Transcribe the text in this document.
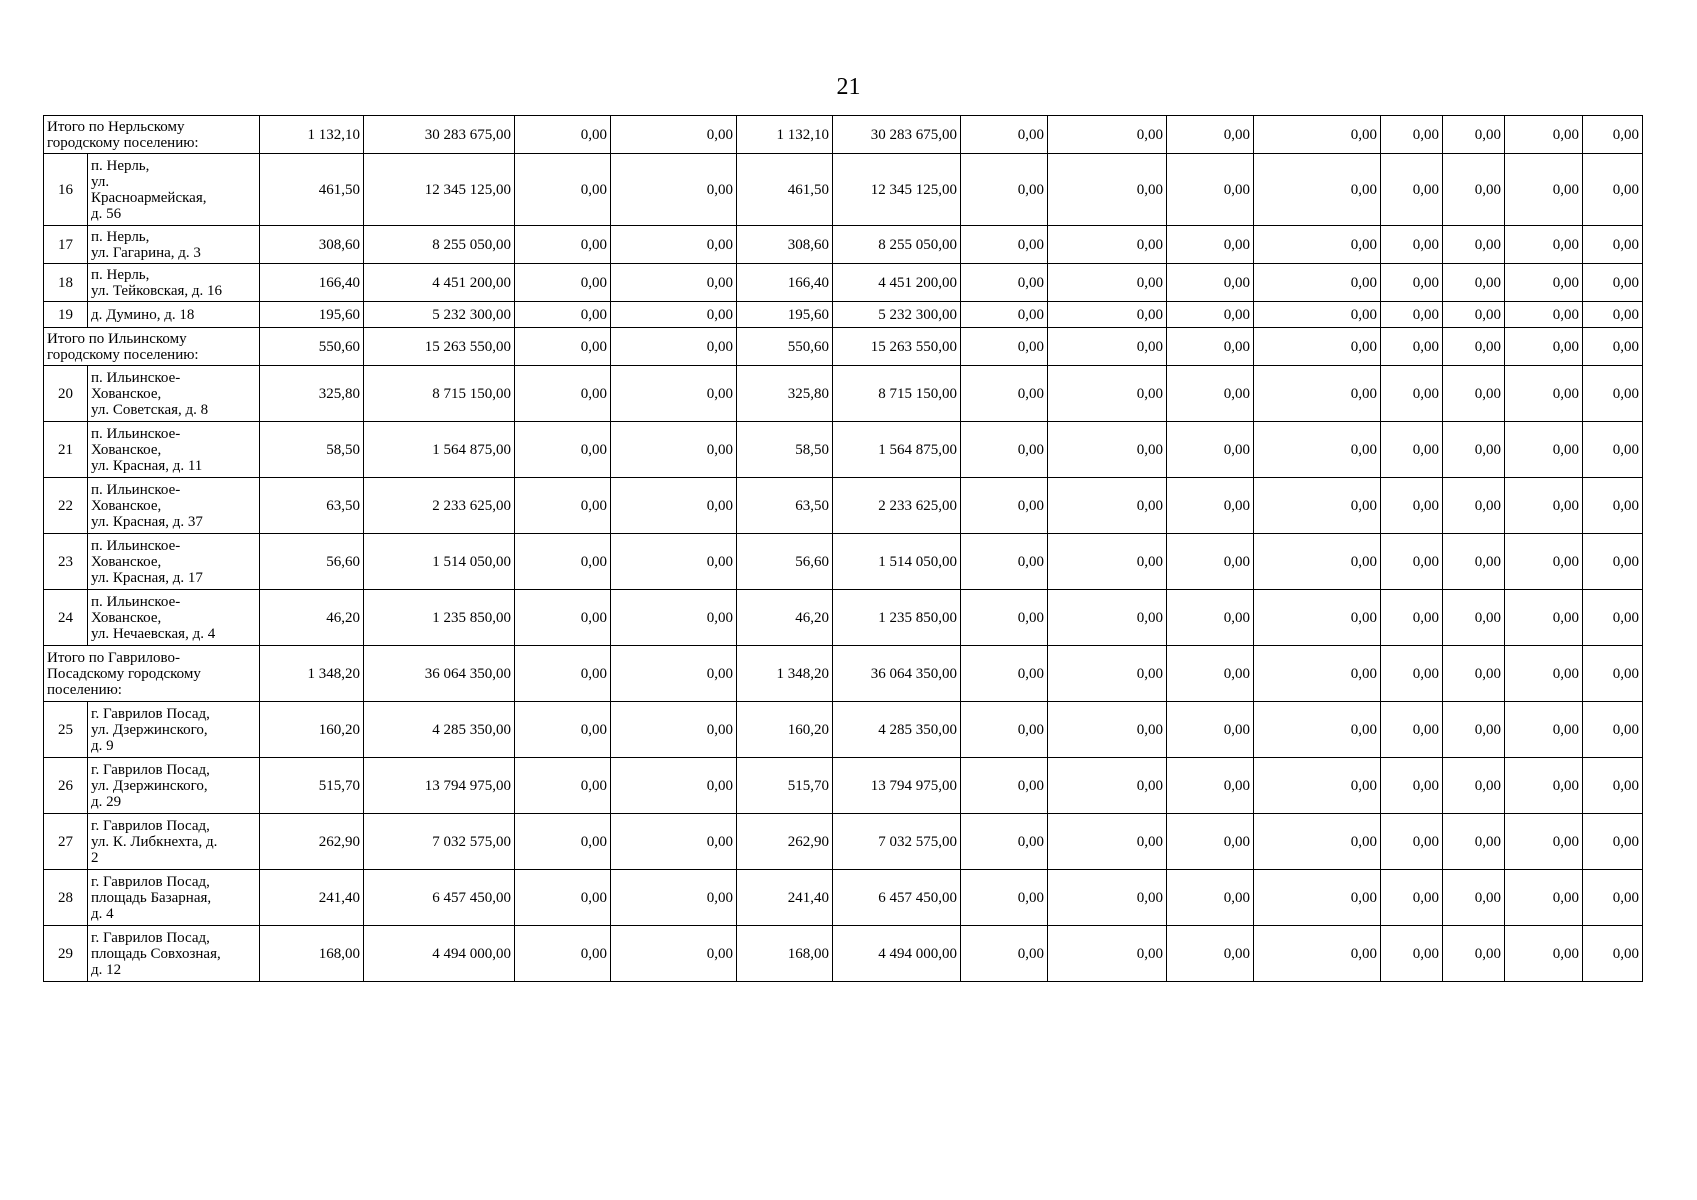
21
Итого по Нерльскому
городскому поселению:		1 132,10	30 283 675,00	0,00	0,00	1 132,10	30 283 675,00	0,00	0,00	0,00	0,00	0,00	0,00	0,00	0,00
16	п. Нерль,
ул.
Красноармейская,
д. 56	461,50	12 345 125,00	0,00	0,00	461,50	12 345 125,00	0,00	0,00	0,00	0,00	0,00	0,00	0,00	0,00
17	п. Нерль,
ул. Гагарина, д. 3	308,60	8 255 050,00	0,00	0,00	308,60	8 255 050,00	0,00	0,00	0,00	0,00	0,00	0,00	0,00	0,00
18	п. Нерль,
ул. Тейковская, д. 16	166,40	4 451 200,00	0,00	0,00	166,40	4 451 200,00	0,00	0,00	0,00	0,00	0,00	0,00	0,00	0,00
19	д. Думино, д. 18	195,60	5 232 300,00	0,00	0,00	195,60	5 232 300,00	0,00	0,00	0,00	0,00	0,00	0,00	0,00	0,00

Итого по Ильинскому
городскому поселению:		550,60	15 263 550,00	0,00	0,00	550,60	15 263 550,00	0,00	0,00	0,00	0,00	0,00	0,00	0,00	0,00
20	п. Ильинское-
Хованское,
ул. Советская, д. 8	325,80	8 715 150,00	0,00	0,00	325,80	8 715 150,00	0,00	0,00	0,00	0,00	0,00	0,00	0,00	0,00
21	п. Ильинское-
Хованское,
ул. Красная, д. 11	58,50	1 564 875,00	0,00	0,00	58,50	1 564 875,00	0,00	0,00	0,00	0,00	0,00	0,00	0,00	0,00
22	п. Ильинское-
Хованское,
ул. Красная, д. 37	63,50	2 233 625,00	0,00	0,00	63,50	2 233 625,00	0,00	0,00	0,00	0,00	0,00	0,00	0,00	0,00
23	п. Ильинское-
Хованское,
ул. Красная, д. 17	56,60	1 514 050,00	0,00	0,00	56,60	1 514 050,00	0,00	0,00	0,00	0,00	0,00	0,00	0,00	0,00
24	п. Ильинское-
Хованское,
ул. Нечаевская, д. 4	46,20	1 235 850,00	0,00	0,00	46,20	1 235 850,00	0,00	0,00	0,00	0,00	0,00	0,00	0,00	0,00

Итого по Гаврилово-
Посадскому городскому
поселению:		1 348,20	36 064 350,00	0,00	0,00	1 348,20	36 064 350,00	0,00	0,00	0,00	0,00	0,00	0,00	0,00	0,00
25	г. Гаврилов Посад,
ул. Дзержинского,
д. 9	160,20	4 285 350,00	0,00	0,00	160,20	4 285 350,00	0,00	0,00	0,00	0,00	0,00	0,00	0,00	0,00
26	г. Гаврилов Посад,
ул. Дзержинского,
д. 29	515,70	13 794 975,00	0,00	0,00	515,70	13 794 975,00	0,00	0,00	0,00	0,00	0,00	0,00	0,00	0,00
27	г. Гаврилов Посад,
ул. К. Либкнехта, д.
2	262,90	7 032 575,00	0,00	0,00	262,90	7 032 575,00	0,00	0,00	0,00	0,00	0,00	0,00	0,00	0,00
28	г. Гаврилов Посад,
площадь Базарная,
д. 4	241,40	6 457 450,00	0,00	0,00	241,40	6 457 450,00	0,00	0,00	0,00	0,00	0,00	0,00	0,00	0,00
29	г. Гаврилов Посад,
площадь Совхозная,
д. 12	168,00	4 494 000,00	0,00	0,00	168,00	4 494 000,00	0,00	0,00	0,00	0,00	0,00	0,00	0,00	0,00
